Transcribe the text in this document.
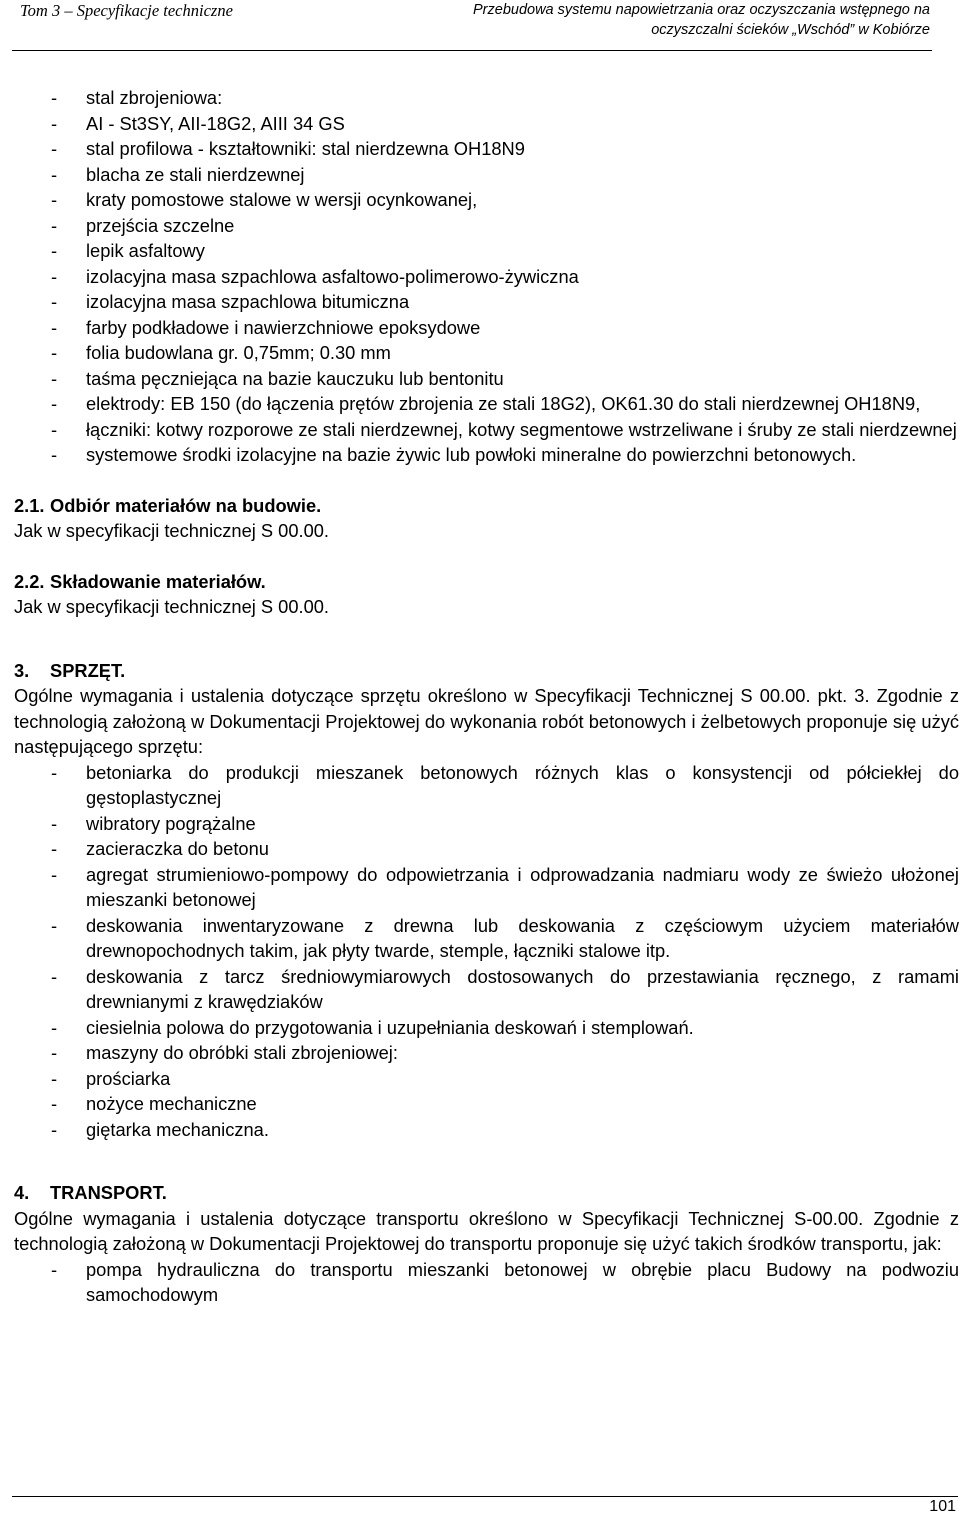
Tom 3 – Specyfikacje techniczne	Przebudowa systemu napowietrzania oraz oczyszczania wstępnego na
oczyszczalni ścieków „Wschód” w Kobiórze
- stal zbrojeniowa:
- AI - St3SY, AII-18G2, AIII 34 GS
- stal profilowa - kształtowniki: stal nierdzewna OH18N9
- blacha ze stali nierdzewnej
- kraty pomostowe stalowe w wersji ocynkowanej,
- przejścia szczelne
- lepik asfaltowy
- izolacyjna masa szpachlowa asfaltowo-polimerowo-żywiczna
- izolacyjna masa szpachlowa bitumiczna
- farby podkładowe i nawierzchniowe epoksydowe
- folia budowlana gr. 0,75mm; 0.30 mm
- taśma pęczniejąca na bazie kauczuku lub bentonitu
- elektrody: EB 150 (do łączenia prętów zbrojenia ze stali 18G2), OK61.30 do stali nierdzewnej OH18N9,
- łączniki: kotwy rozporowe ze stali nierdzewnej, kotwy segmentowe wstrzeliwane i śruby ze stali nierdzewnej
- systemowe środki izolacyjne na bazie żywic lub powłoki mineralne do powierzchni betonowych.
2.1. Odbiór materiałów na budowie.

Jak w specyfikacji technicznej S 00.00.

2.2. Składowanie materiałów.

Jak w specyfikacji technicznej S 00.00.

3. SPRZĘT.

Ogólne wymagania i ustalenia dotyczące sprzętu określono w Specyfikacji Technicznej S 00.00. pkt. 3. Zgodnie z technologią założoną w Dokumentacji Projektowej do wykonania robót betonowych i żelbetowych proponuje się użyć następującego sprzętu:

- betoniarka do produkcji mieszanek betonowych różnych klas o konsystencji od półciekłej do gęstoplastycznej
- wibratory pogrążalne
- zacieraczka do betonu
- agregat strumieniowo-pompowy do odpowietrzania i odprowadzania nadmiaru wody ze świeżo ułożonej mieszanki betonowej
- deskowania inwentaryzowane z drewna lub deskowania z częściowym użyciem materiałów drewnopochodnych takim, jak płyty twarde, stemple, łączniki stalowe itp.
- deskowania z tarcz średniowymiarowych dostosowanych do przestawiania ręcznego, z ramami drewnianymi z krawędziaków
- ciesielnia polowa do przygotowania i uzupełniania deskowań i stemplowań.
- maszyny do obróbki stali zbrojeniowej:
- prościarka
- nożyce mechaniczne
- giętarka mechaniczna.
4. TRANSPORT.

Ogólne wymagania i ustalenia dotyczące transportu określono w Specyfikacji Technicznej S-00.00. Zgodnie z technologią założoną w Dokumentacji Projektowej do transportu proponuje się użyć takich środków transportu, jak:

- pompa hydrauliczna do transportu mieszanki betonowej w obrębie placu Budowy na podwoziu samochodowym
101
